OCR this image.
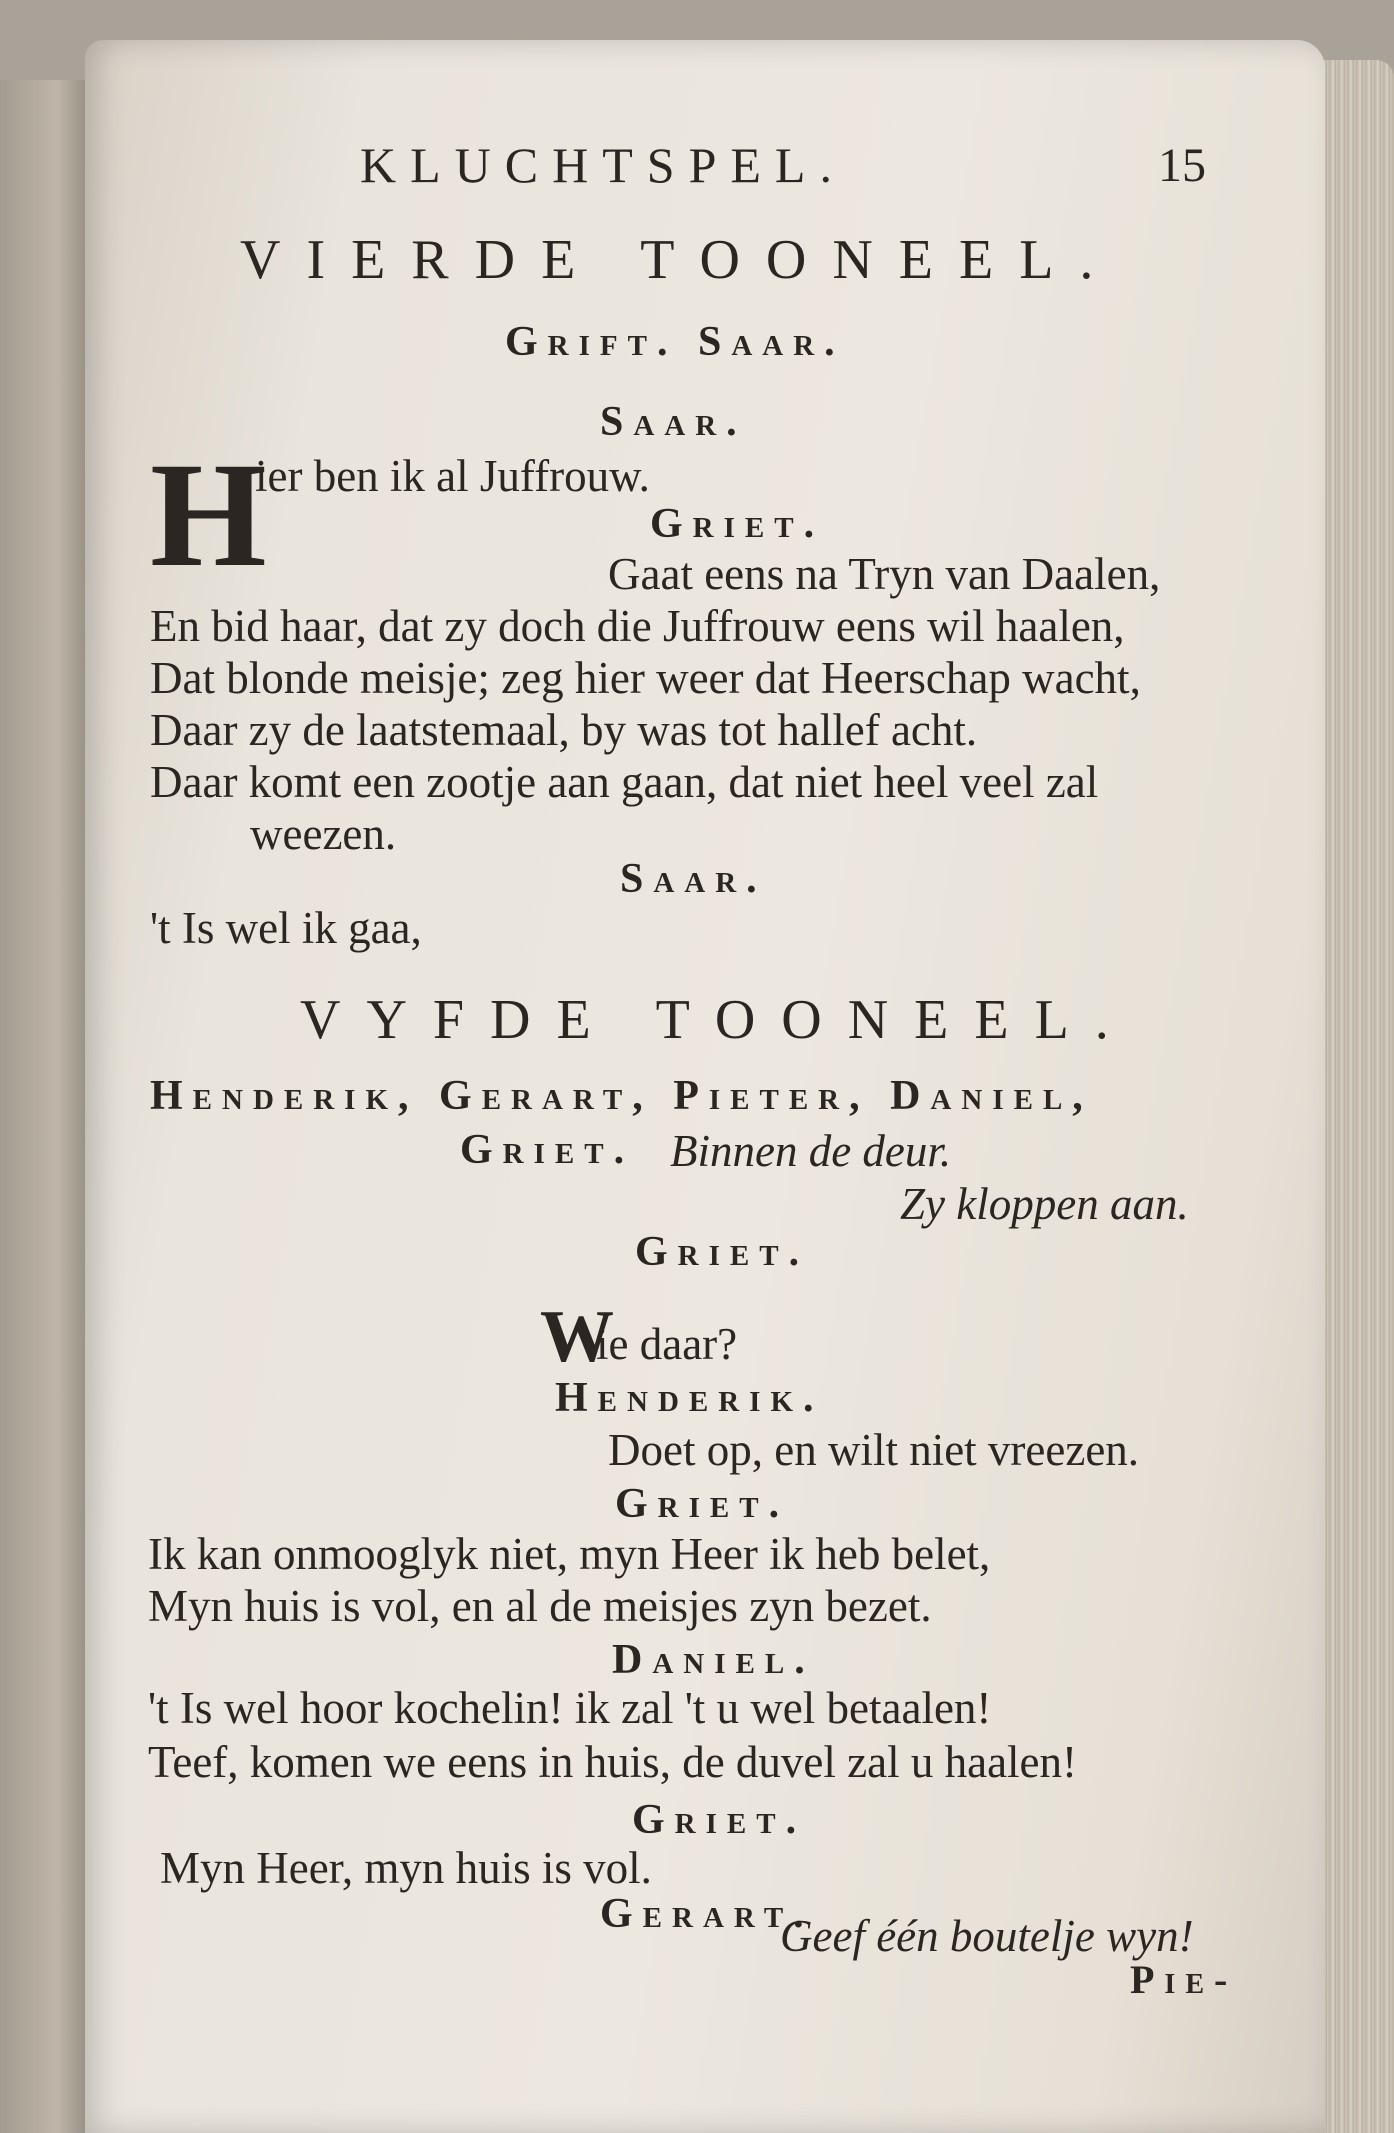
KLUCHTSPEL.	15
VIERDE TOONEEL.
Grift. Saar.
Saar.
H
ier ben ik al Juffrouw.
Griet.
Gaat eens na Tryn van Daalen,
En bid haar, dat zy doch die Juffrouw eens wil haalen,
Dat blonde meisje; zeg hier weer dat Heerschap wacht,
Daar zy de laatstemaal, by was tot hallef acht.
Daar komt een zootje aan gaan, dat niet heel veel zal
weezen.
Saar.
't Is wel ik gaa,
VYFDE TOONEEL.
Henderik, Gerart, Pieter, Daniel,
Griet. Binnen de deur.
Zy kloppen aan.
Griet.
W
ie daar?
Henderik.
Doet op, en wilt niet vreezen.
Griet.
Ik kan onmooglyk niet, myn Heer ik heb belet,
Myn huis is vol, en al de meisjes zyn bezet.
Daniel.
't Is wel hoor kochelin! ik zal 't u wel betaalen!
Teef, komen we eens in huis, de duvel zal u haalen!
Griet.
Myn Heer, myn huis is vol.
Gerart.
Geef één boutelje wyn!
Pie-
